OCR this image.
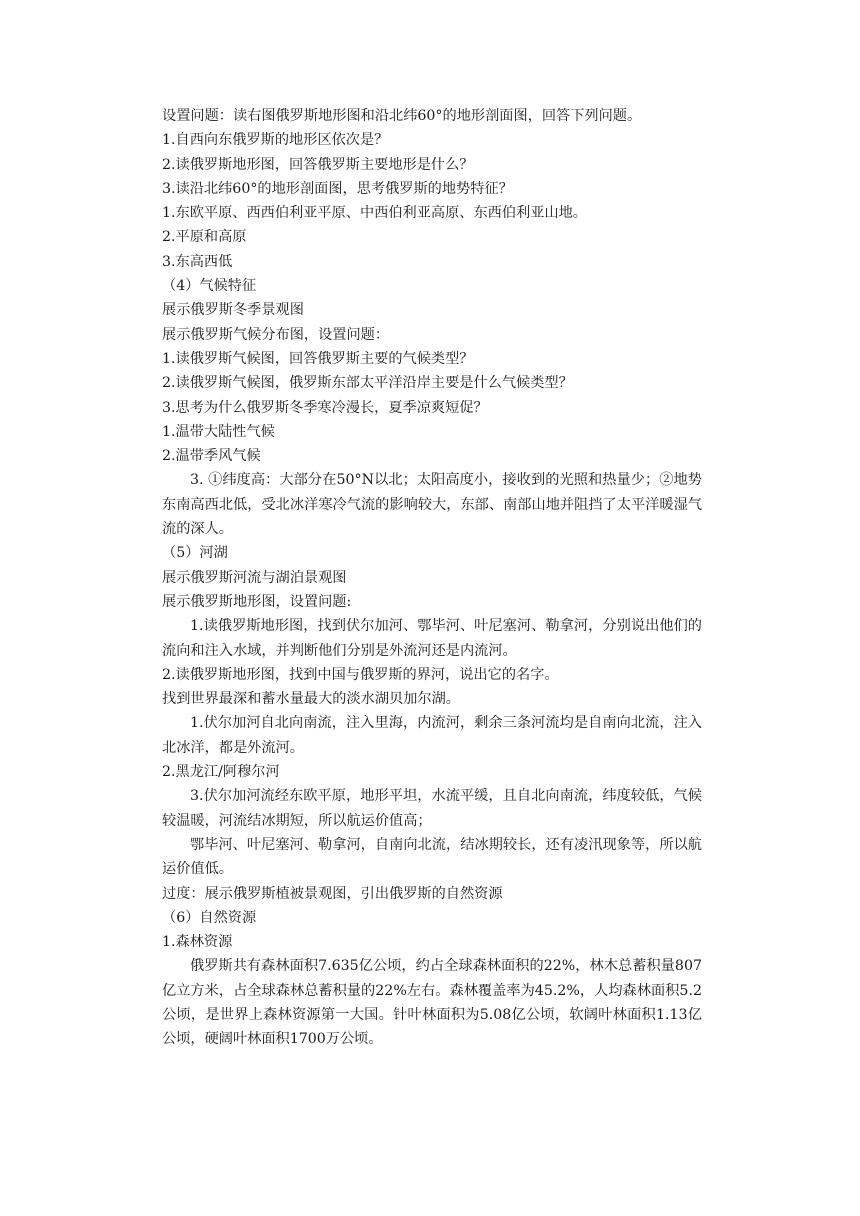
设置问题：读右图俄罗斯地形图和沿北纬60°的地形剖面图，回答下列问题。

1.自西向东俄罗斯的地形区依次是？

2.读俄罗斯地形图，回答俄罗斯主要地形是什么？

3.读沿北纬60°的地形剖面图，思考俄罗斯的地势特征？

1.东欧平原、西西伯利亚平原、中西伯利亚高原、东西伯利亚山地。

2.平原和高原

3.东高西低

（4）气候特征

展示俄罗斯冬季景观图

展示俄罗斯气候分布图，设置问题：

1.读俄罗斯气候图，回答俄罗斯主要的气候类型？

2.读俄罗斯气候图，俄罗斯东部太平洋沿岸主要是什么气候类型？

3.思考为什么俄罗斯冬季寒冷漫长，夏季凉爽短促？

1.温带大陆性气候

2.温带季风气候

3. ①纬度高：大部分在50°N以北；太阳高度小，接收到的光照和热量少；②地势东南高西北低，受北冰洋寒冷气流的影响较大，东部、南部山地并阻挡了太平洋暖湿气流的深人。

（5）河湖

展示俄罗斯河流与湖泊景观图

展示俄罗斯地形图，设置问题:

1.读俄罗斯地形图，找到伏尔加河、鄂毕河、叶尼塞河、勒拿河，分别说出他们的流向和注入水域，并判断他们分别是外流河还是内流河。

2.读俄罗斯地形图，找到中国与俄罗斯的界河，说出它的名字。

找到世界最深和蓄水量最大的淡水湖贝加尔湖。

1.伏尔加河自北向南流，注入里海，内流河，剩余三条河流均是自南向北流，注入北冰洋，都是外流河。

2.黑龙江/阿穆尔河

3.伏尔加河流经东欧平原，地形平坦，水流平缓，且自北向南流，纬度较低，气候较温暖，河流结冰期短，所以航运价值高；

鄂毕河、叶尼塞河、勒拿河，自南向北流，结冰期较长，还有凌汛现象等，所以航运价值低。

过度：展示俄罗斯植被景观图，引出俄罗斯的自然资源

（6）自然资源

1.森林资源

俄罗斯共有森林面积7.635亿公顷，约占全球森林面积的22%，林木总蓄积量807亿立方米，占全球森林总蓄积量的22%左右。森林覆盖率为45.2%，人均森林面积5.2 公顷，是世界上森林资源第一大国。针叶林面积为5.08亿公顷，软阔叶林面积1.13亿公顷，硬阔叶林面积1700万公顷。
